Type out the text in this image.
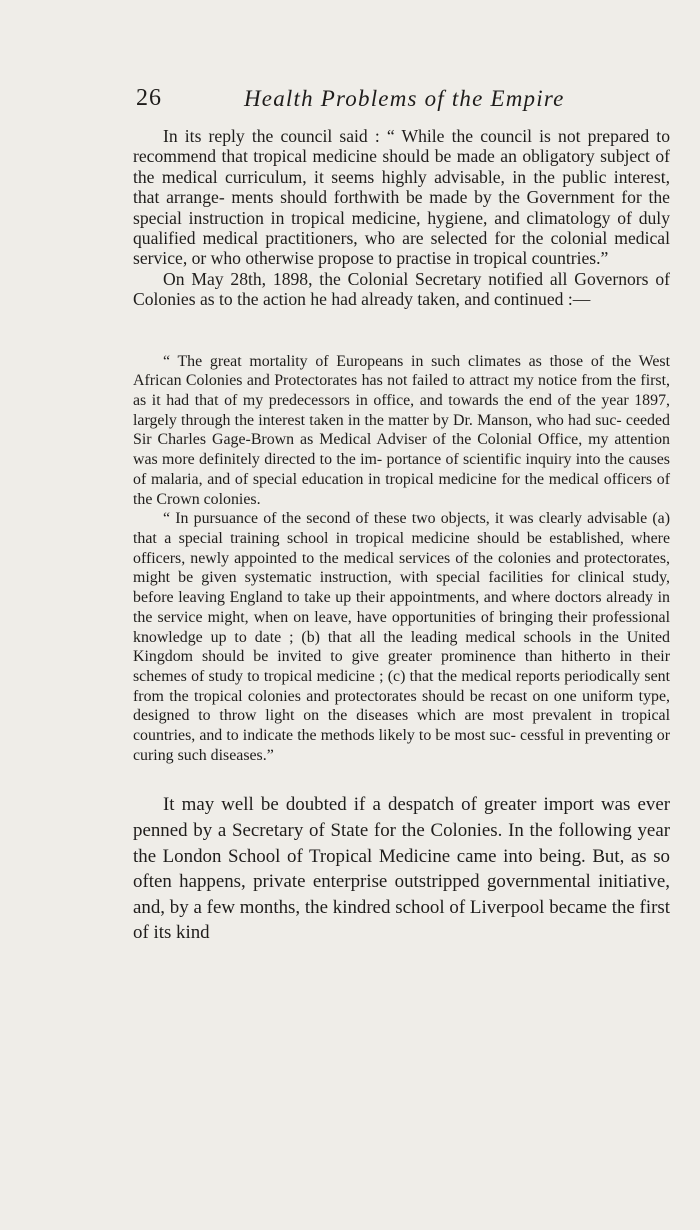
26	Health Problems of the Empire

In its reply the council said : “ While the council is not prepared to recommend that tropical medicine should be made an obligatory subject of the medical curriculum, it seems highly advisable, in the public interest, that arrange- ments should forthwith be made by the Government for the special instruction in tropical medicine, hygiene, and climatology of duly qualified medical practitioners, who are selected for the colonial medical service, or who otherwise propose to practise in tropical countries.”

On May 28th, 1898, the Colonial Secretary notified all Governors of Colonies as to the action he had already taken, and continued :—

“ The great mortality of Europeans in such climates as those of the West African Colonies and Protectorates has not failed to attract my notice from the first, as it had that of my predecessors in office, and towards the end of the year 1897, largely through the interest taken in the matter by Dr. Manson, who had suc- ceeded Sir Charles Gage-Brown as Medical Adviser of the Colonial Office, my attention was more definitely directed to the im- portance of scientific inquiry into the causes of malaria, and of special education in tropical medicine for the medical officers of the Crown colonies.

“ In pursuance of the second of these two objects, it was clearly advisable (a) that a special training school in tropical medicine should be established, where officers, newly appointed to the medical services of the colonies and protectorates, might be given systematic instruction, with special facilities for clinical study, before leaving England to take up their appointments, and where doctors already in the service might, when on leave, have opportunities of bringing their professional knowledge up to date ; (b) that all the leading medical schools in the United Kingdom should be invited to give greater prominence than hitherto in their schemes of study to tropical medicine ; (c) that the medical reports periodically sent from the tropical colonies and protectorates should be recast on one uniform type, designed to throw light on the diseases which are most prevalent in tropical countries, and to indicate the methods likely to be most suc- cessful in preventing or curing such diseases.”

It may well be doubted if a despatch of greater import was ever penned by a Secretary of State for the Colonies. In the following year the London School of Tropical Medicine came into being. But, as so often happens, private enterprise outstripped governmental initiative, and, by a few months, the kindred school of Liverpool became the first of its kind
